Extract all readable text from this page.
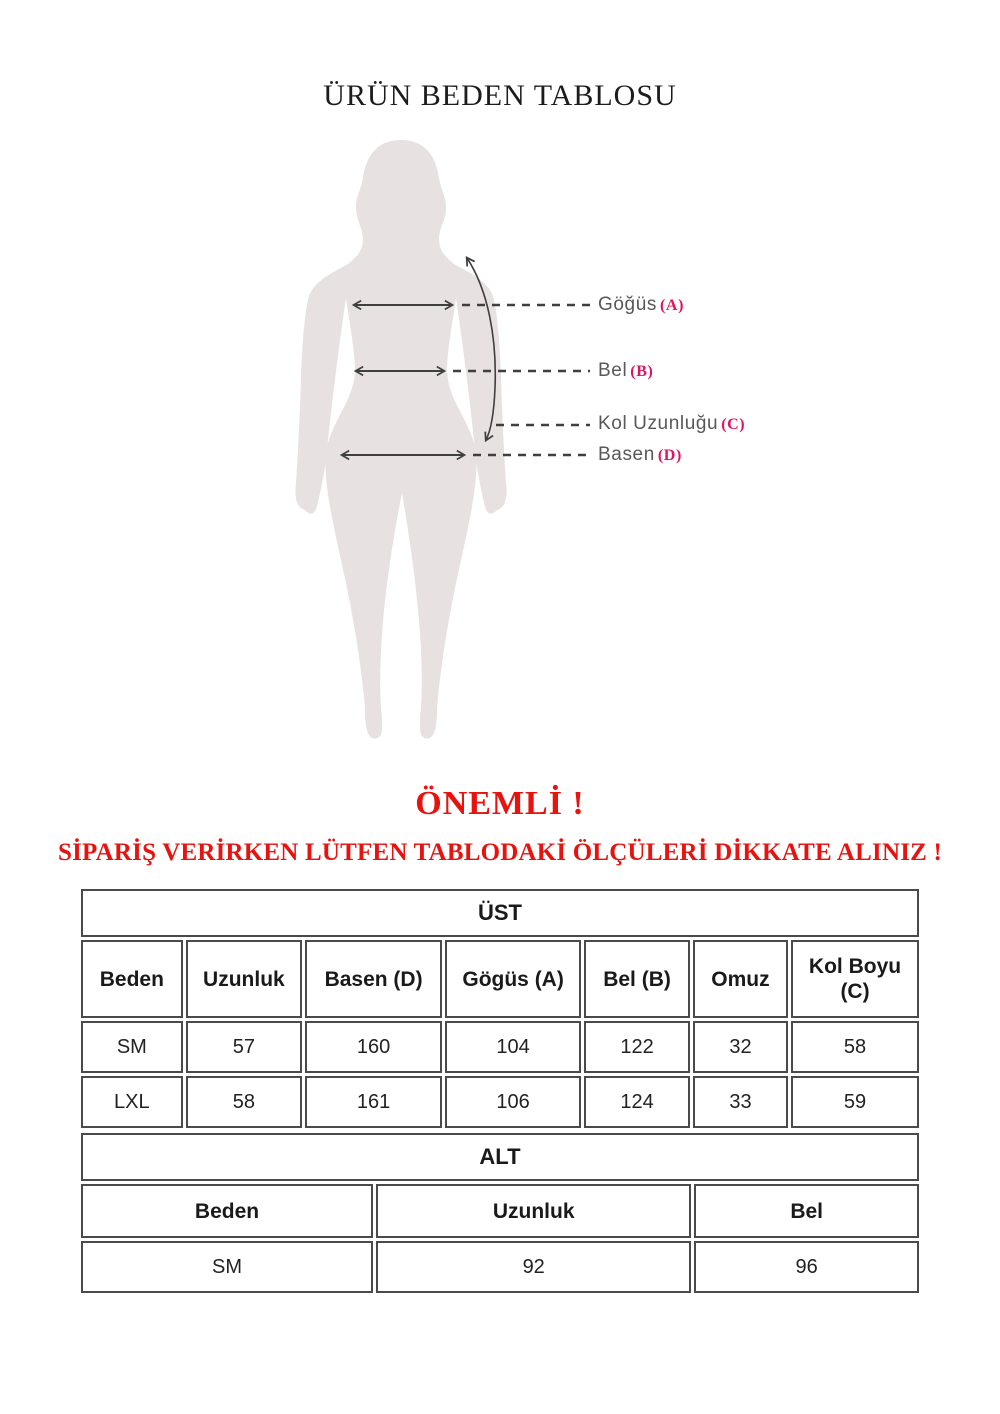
ÜRÜN BEDEN TABLOSU
Göğüs (A)
Bel (B)
Kol Uzunluğu (C)
Basen (D)
ÖNEMLİ !
SİPARİŞ VERİRKEN LÜTFEN TABLODAKİ ÖLÇÜLERİ DİKKATE ALINIZ !
ÜST						
Beden	Uzunluk	Basen (D)	Gögüs (A)	Bel (B)	Omuz	Kol Boyu (C)
SM	57	160	104	122	32	58
LXL	58	161	106	124	33	59
ALT		
Beden	Uzunluk	Bel
SM	92	96
